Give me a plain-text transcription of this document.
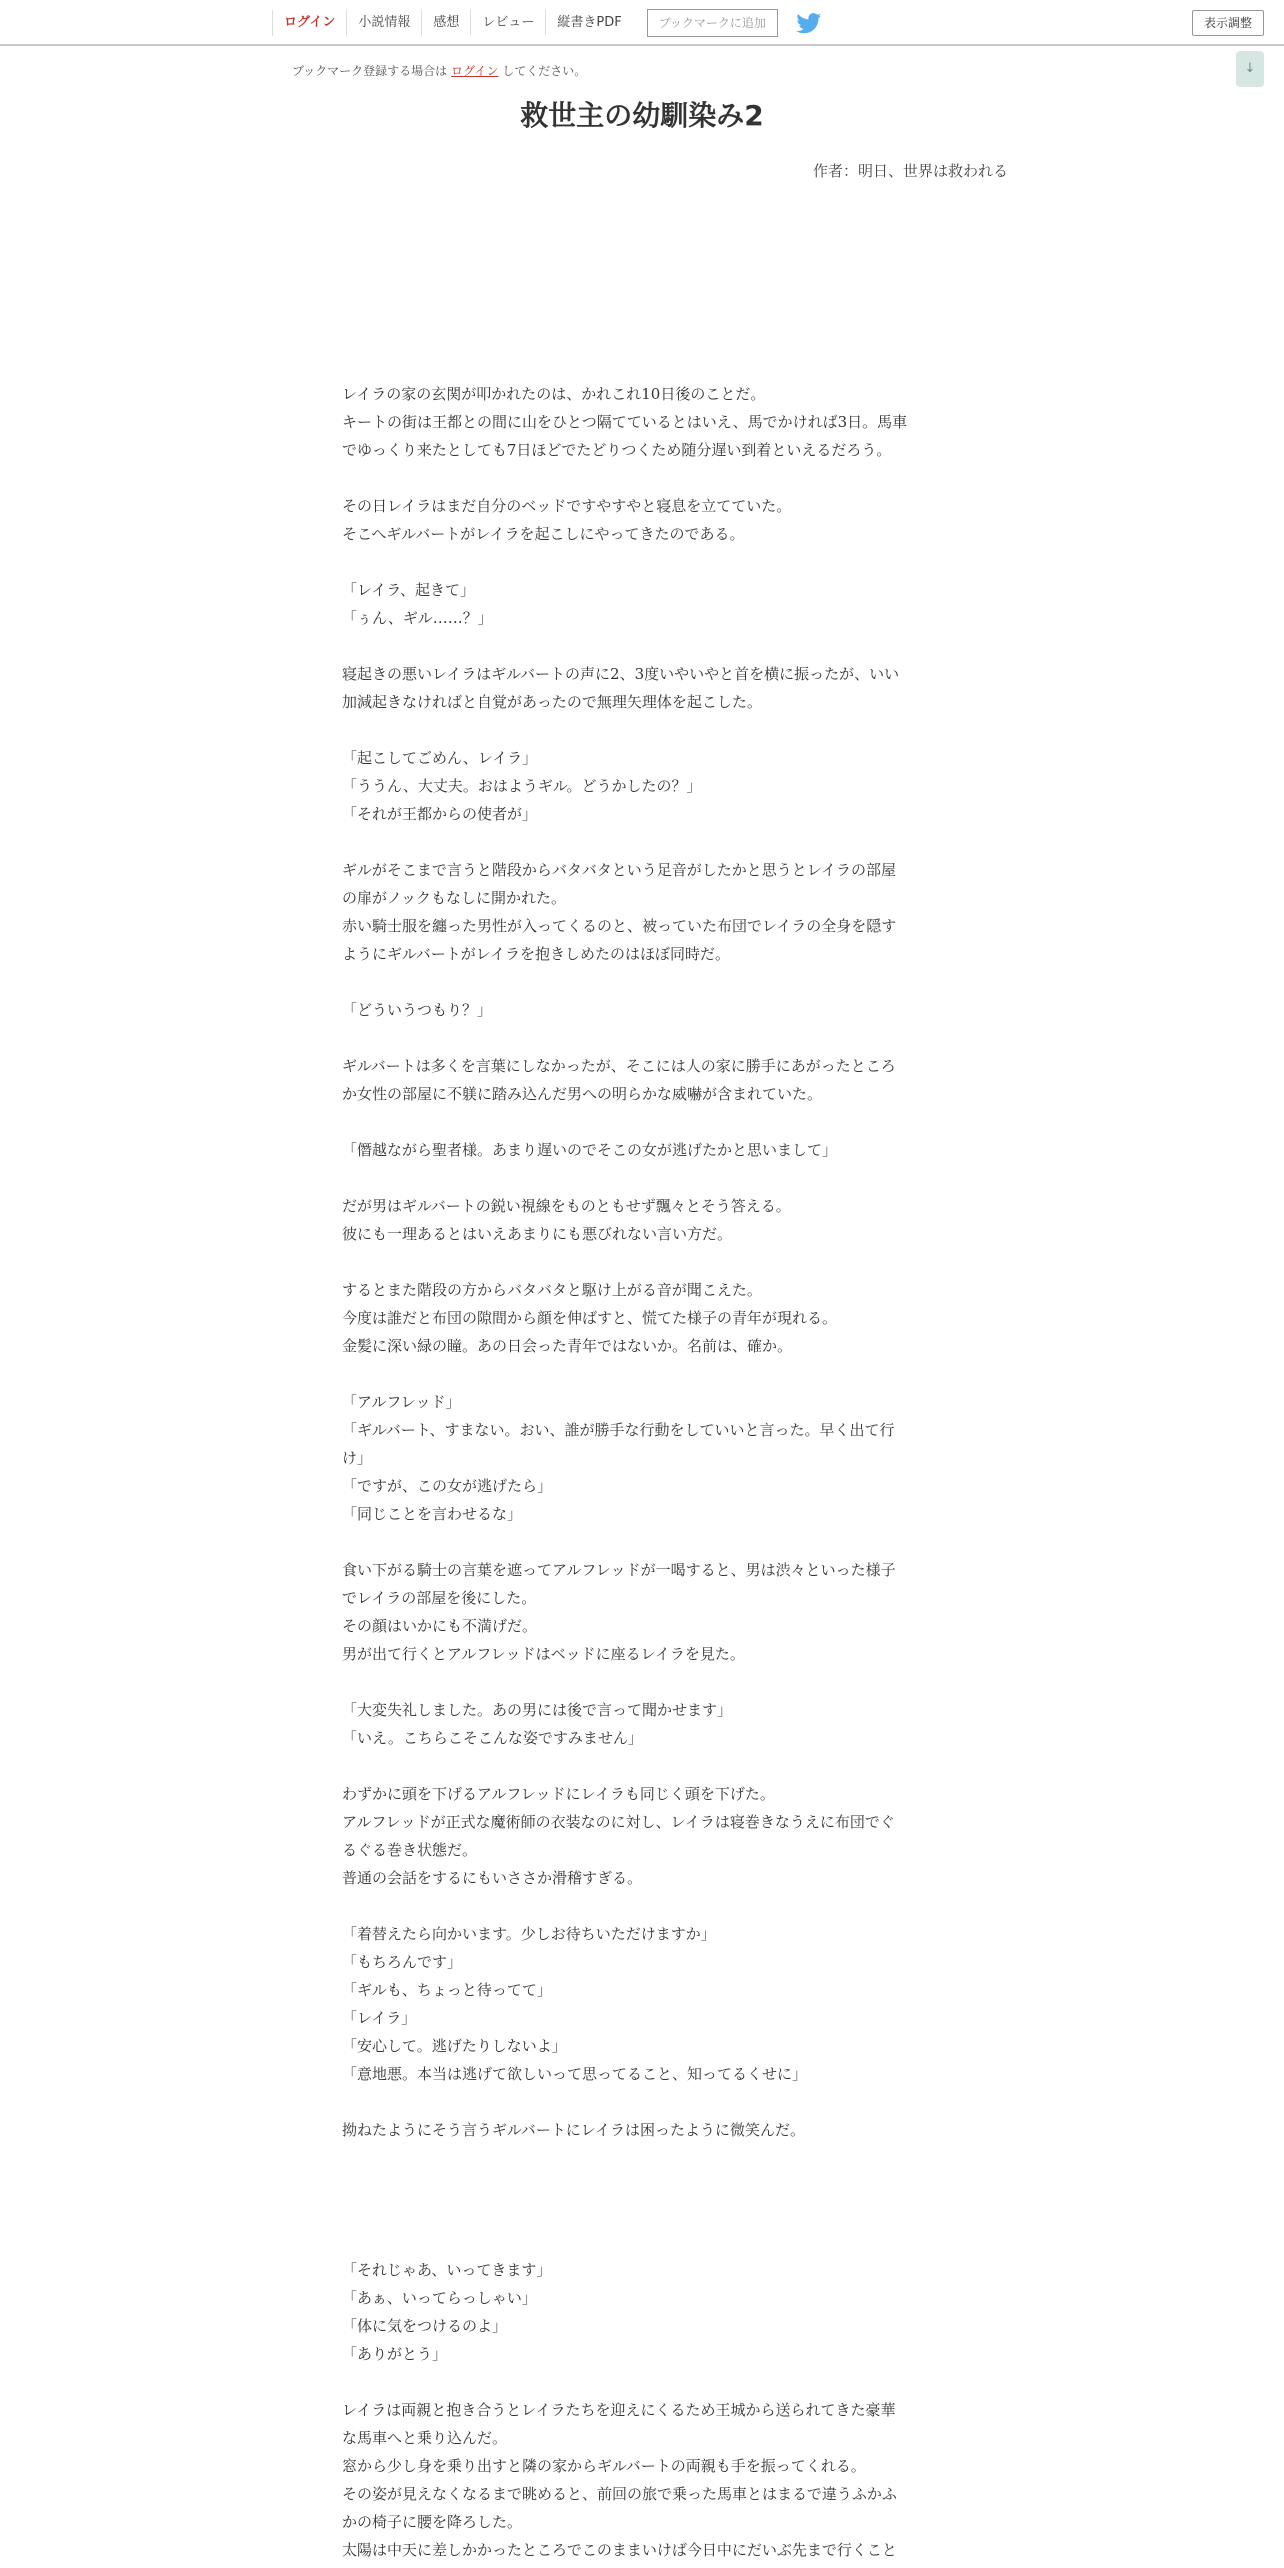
ログイン	小説情報	感想	レビュー	縦書きPDF	ブックマークに追加	表示調整
↓
ブックマーク登録する場合は ログイン してください。
救世主の幼馴染み2
作者：明日、世界は救われる
レイラの家の玄関が叩かれたのは、かれこれ10日後のことだ。
キートの街は王都との間に山をひとつ隔てているとはいえ、馬でかければ3日。馬車
でゆっくり来たとしても7日ほどでたどりつくため随分遅い到着といえるだろう。
その日レイラはまだ自分のベッドですやすやと寝息を立てていた。
そこへギルバートがレイラを起こしにやってきたのである。
「レイラ、起きて」
「ぅん、ギル……？」
寝起きの悪いレイラはギルバートの声に2、3度いやいやと首を横に振ったが、いい
加減起きなければと自覚があったので無理矢理体を起こした。
「起こしてごめん、レイラ」
「ううん、大丈夫。おはようギル。どうかしたの？」
「それが王都からの使者が」
ギルがそこまで言うと階段からバタバタという足音がしたかと思うとレイラの部屋
の扉がノックもなしに開かれた。
赤い騎士服を纏った男性が入ってくるのと、被っていた布団でレイラの全身を隠す
ようにギルバートがレイラを抱きしめたのはほぼ同時だ。
「どういうつもり？」
ギルバートは多くを言葉にしなかったが、そこには人の家に勝手にあがったところ
か女性の部屋に不躾に踏み込んだ男への明らかな威嚇が含まれていた。
「僭越ながら聖者様。あまり遅いのでそこの女が逃げたかと思いまして」
だが男はギルバートの鋭い視線をものともせず飄々とそう答える。
彼にも一理あるとはいえあまりにも悪びれない言い方だ。
するとまた階段の方からバタバタと駆け上がる音が聞こえた。
今度は誰だと布団の隙間から顔を伸ばすと、慌てた様子の青年が現れる。
金髪に深い緑の瞳。あの日会った青年ではないか。名前は、確か。
「アルフレッド」
「ギルバート、すまない。おい、誰が勝手な行動をしていいと言った。早く出て行
け」
「ですが、この女が逃げたら」
「同じことを言わせるな」
食い下がる騎士の言葉を遮ってアルフレッドが一喝すると、男は渋々といった様子
でレイラの部屋を後にした。
その顔はいかにも不満げだ。
男が出て行くとアルフレッドはベッドに座るレイラを見た。
「大変失礼しました。あの男には後で言って聞かせます」
「いえ。こちらこそこんな姿ですみません」
わずかに頭を下げるアルフレッドにレイラも同じく頭を下げた。
アルフレッドが正式な魔術師の衣装なのに対し、レイラは寝巻きなうえに布団でぐ
るぐる巻き状態だ。
普通の会話をするにもいささか滑稽すぎる。
「着替えたら向かいます。少しお待ちいただけますか」
「もちろんです」
「ギルも、ちょっと待ってて」
「レイラ」
「安心して。逃げたりしないよ」
「意地悪。本当は逃げて欲しいって思ってること、知ってるくせに」
拗ねたようにそう言うギルバートにレイラは困ったように微笑んだ。
「それじゃあ、いってきます」
「あぁ、いってらっしゃい」
「体に気をつけるのよ」
「ありがとう」
レイラは両親と抱き合うとレイラたちを迎えにくるため王城から送られてきた豪華
な馬車へと乗り込んだ。
窓から少し身を乗り出すと隣の家からギルバートの両親も手を振ってくれる。
その姿が見えなくなるまで眺めると、前回の旅で乗った馬車とはまるで違うふかふ
かの椅子に腰を降ろした。
太陽は中天に差しかかったところでこのままいけば今日中にだいぶ先まで行くこと
